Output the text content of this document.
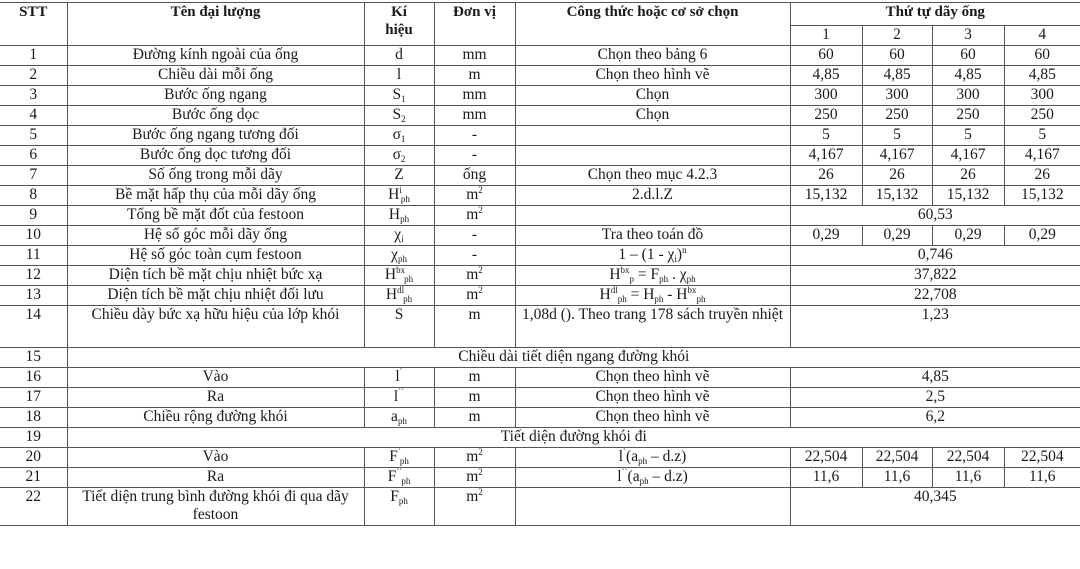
STT	Tên đại lượng	Kí hiệu	Đơn vị	Công thức hoặc cơ sở chọn	Thứ tự dãy ống			
					1	2	3	4
1	Đường kính ngoài của ống	d	mm	Chọn theo bảng 6	60	60	60	60
2	Chiều dài mỗi ống	l	m	Chọn theo hình vẽ	4,85	4,85	4,85	4,85
3	Bước ống ngang	$S_1$	mm	Chọn	300	300	300	300
4	Bước ống dọc	$S_2$	mm	Chọn	250	250	250	250
5	Bước ống ngang tương đối	$\sigma_1$	-		5	5	5	5
6	Bước ống dọc tương đối	$\sigma_2$	-		4,167	4,167	4,167	4,167
7	Số ống trong mỗi dãy	Z	ống	Chọn theo mục 4.2.3	26	26	26	26
8	Bề mặt hấp thụ của mỗi dãy ống	$H^i_{ph}$	$m^2$	2.d.l.Z	15,132	15,132	15,132	15,132
9	Tổng bề mặt đốt của festoon	$H_{ph}$	$m^2$		60,53			
10	Hệ số góc mỗi dãy ống	$\chi_i$	-	Tra theo toán đồ	0,29	0,29	0,29	0,29
11	Hệ số góc toàn cụm festoon	$\chi_{ph}$	-	$1 - (1 - \chi_i)^n$	0,746			
12	Diện tích bề mặt chịu nhiệt bức xạ	$H^{bx}_{ph}$	$m^2$	$H^{bx}_p = F_{ph}$ . $\chi_{ph}$	37,822			
13	Diện tích bề mặt chịu nhiệt đối lưu	$H^{dl}_{ph}$	$m^2$	$H^{dl}_{ph} = H_{ph} - H^{bx}_{ph}$	22,708			
14	Chiều dày bức xạ hữu hiệu của lớp khói	S	m	1,08d (). Theo trang 178 sách truyền nhiệt	1,23			
15	Chiều dài tiết diện ngang đường khói							
16	Vào	l`	m	Chọn theo hình vẽ	4,85			
17	Ra	l``	m	Chọn theo hình vẽ	2,5			
18	Chiều rộng đường khói	$a_{ph}$	m	Chọn theo hình vẽ	6,2			
19	Tiết diện đường khói đi							
20	Vào	$F^`_{ph}$	$m^2$	$l^`(a_{ph} - d.z)$	22,504	22,504	22,504	22,504
21	Ra	$F^{``}_{ph}$	$m^2$	$l^{``}(a_{ph} - d.z)$	11,6	11,6	11,6	11,6
22	Tiết diện trung bình đường khói đi qua dãy festoon	$F_{ph}$	$m^2$		40,345			
